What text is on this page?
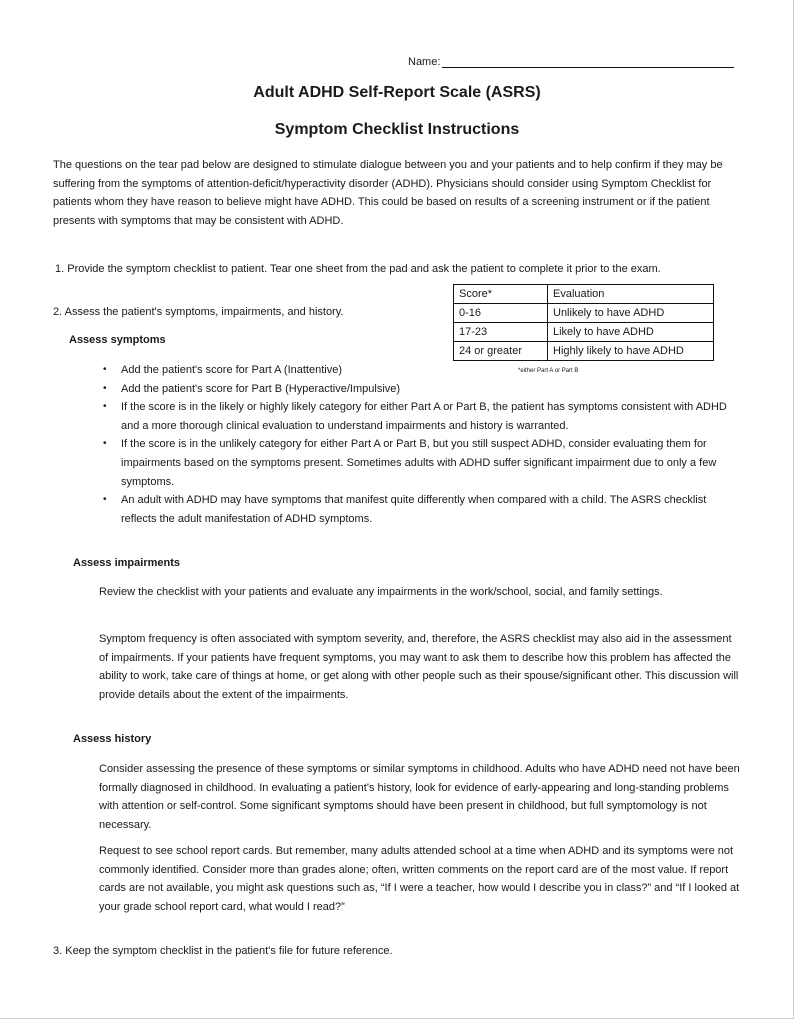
Name:
Adult ADHD Self-Report Scale (ASRS)
Symptom Checklist Instructions

The questions on the tear pad below are designed to stimulate dialogue between you and your patients and to help confirm if they may be suffering from the symptoms of attention-deficit/hyperactivity disorder (ADHD). Physicians should consider using Symptom Checklist for patients whom they have reason to believe might have ADHD. This could be based on results of a screening instrument or if the patient presents with symptoms that may be consistent with ADHD.

1. Provide the symptom checklist to patient. Tear one sheet from the pad and ask the patient to complete it prior to the exam.

2. Assess the patient's symptoms, impairments, and history.

Score*	Evaluation
0-16	Unlikely to have ADHD
17-23	Likely to have ADHD
24 or greater	Highly likely to have ADHD
*either Part A or Part B

Assess symptoms

• Add the patient's score for Part A (Inattentive)
• Add the patient's score for Part B (Hyperactive/Impulsive)
• If the score is in the likely or highly likely category for either Part A or Part B, the patient has symptoms consistent with ADHD and a more thorough clinical evaluation to understand impairments and history is warranted.
• If the score is in the unlikely category for either Part A or Part B, but you still suspect ADHD, consider evaluating them for impairments based on the symptoms present. Sometimes adults with ADHD suffer significant impairment due to only a few symptoms.
• An adult with ADHD may have symptoms that manifest quite differently when compared with a child. The ASRS checklist reflects the adult manifestation of ADHD symptoms.

Assess impairments

Review the checklist with your patients and evaluate any impairments in the work/school, social, and family settings.

Symptom frequency is often associated with symptom severity, and, therefore, the ASRS checklist may also aid in the assessment of impairments. If your patients have frequent symptoms, you may want to ask them to describe how this problem has affected the ability to work, take care of things at home, or get along with other people such as their spouse/significant other. This discussion will provide details about the extent of the impairments.

Assess history

Consider assessing the presence of these symptoms or similar symptoms in childhood. Adults who have ADHD need not have been formally diagnosed in childhood. In evaluating a patient's history, look for evidence of early-appearing and long-standing problems with attention or self-control. Some significant symptoms should have been present in childhood, but full symptomology is not necessary.

Request to see school report cards. But remember, many adults attended school at a time when ADHD and its symptoms were not commonly identified. Consider more than grades alone; often, written comments on the report card are of the most value. If report cards are not available, you might ask questions such as, “If I were a teacher, how would I describe you in class?” and “If I looked at your grade school report card, what would I read?”

3. Keep the symptom checklist in the patient's file for future reference.
